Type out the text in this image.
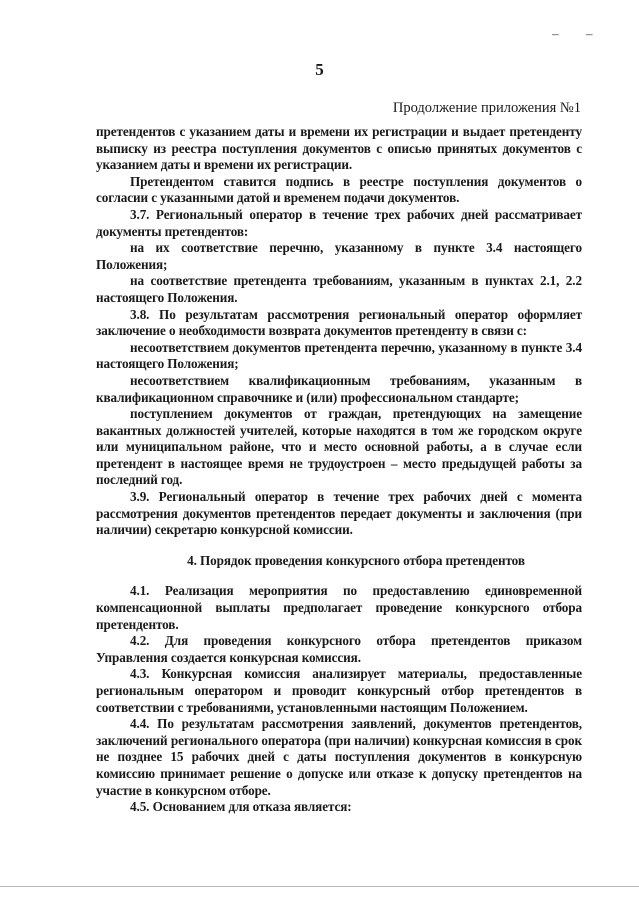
– –
5
Продолжение приложения №1

претендентов с указанием даты и времени их регистрации и выдает претенденту выписку из реестра поступления документов с описью принятых документов с указанием даты и времени их регистрации.

Претендентом ставится подпись в реестре поступления документов о согласии с указанными датой и временем подачи документов.

3.7. Региональный оператор в течение трех рабочих дней рассматривает документы претендентов:

на их соответствие перечню, указанному в пункте 3.4 настоящего Положения;

на соответствие претендента требованиям, указанным в пунктах 2.1, 2.2 настоящего Положения.

3.8. По результатам рассмотрения региональный оператор оформляет заключение о необходимости возврата документов претенденту в связи с:

несоответствием документов претендента перечню, указанному в пункте 3.4 настоящего Положения;

несоответствием квалификационным требованиям, указанным в квалификационном справочнике и (или) профессиональном стандарте;

поступлением документов от граждан, претендующих на замещение вакантных должностей учителей, которые находятся в том же городском округе или муниципальном районе, что и место основной работы, а в случае если претендент в настоящее время не трудоустроен – место предыдущей работы за последний год.

3.9. Региональный оператор в течение трех рабочих дней с момента рассмотрения документов претендентов передает документы и заключения (при наличии) секретарю конкурсной комиссии.

4. Порядок проведения конкурсного отбора претендентов

4.1. Реализация мероприятия по предоставлению единовременной компенсационной выплаты предполагает проведение конкурсного отбора претендентов.

4.2. Для проведения конкурсного отбора претендентов приказом Управления создается конкурсная комиссия.

4.3. Конкурсная комиссия анализирует материалы, предоставленные региональным оператором и проводит конкурсный отбор претендентов в соответствии с требованиями, установленными настоящим Положением.

4.4. По результатам рассмотрения заявлений, документов претендентов, заключений регионального оператора (при наличии) конкурсная комиссия в срок не позднее 15 рабочих дней с даты поступления документов в конкурсную комиссию принимает решение о допуске или отказе к допуску претендентов на участие в конкурсном отборе.

4.5. Основанием для отказа является:
